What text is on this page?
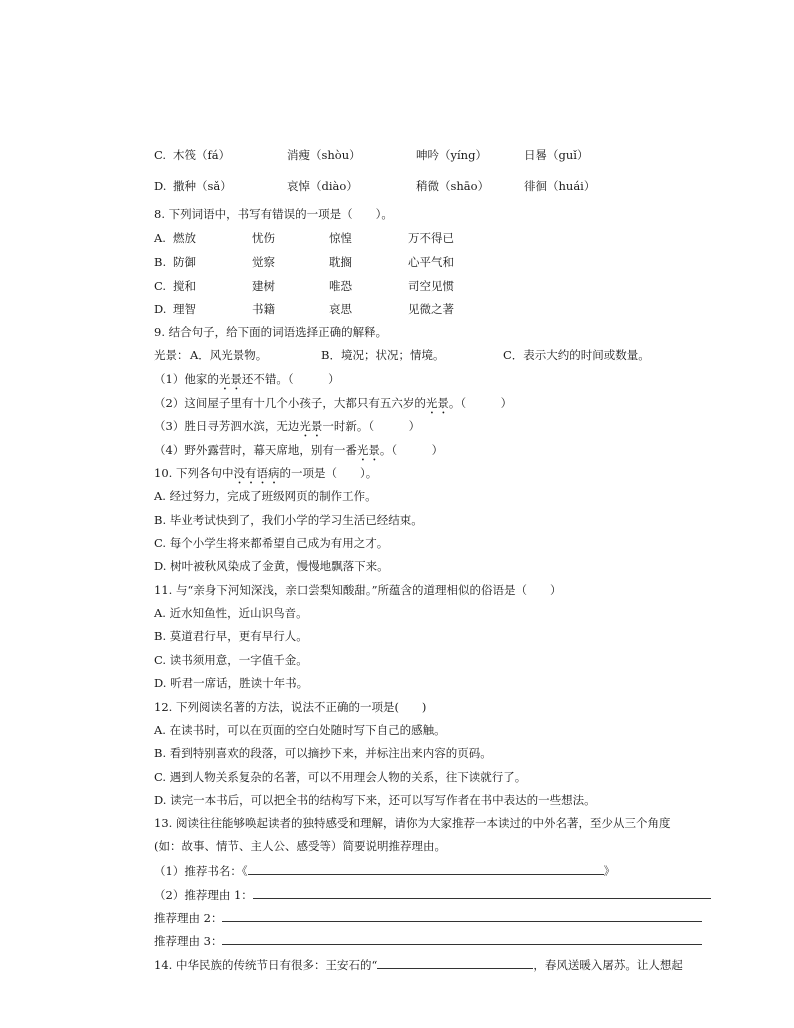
C. 木筏（fá）	消瘦（shòu）	呻吟（yíng）	日晷（guǐ）
D. 撒种（sǎ）	哀悼（diào）	稍微（shāo）	徘徊（huái）
8. 下列词语中，书写有错误的一项是（　　）。
A. 燃放	忧伤	惊惶	万不得已
B. 防御	觉察	耽搁	心平气和
C. 搅和	建树	唯恐	司空见惯
D. 理智	书籍	哀思	见微之著
9. 结合句子，给下面的词语选择正确的解释。
光景： A．风光景物。	B．境况；状况；情境。	C．表示大约的时间或数量。
（1）他家的光景还不错。（　　　）
（2）这间屋子里有十几个小孩子，大都只有五六岁的光景。（　　　）
（3）胜日寻芳泗水滨，无边光景一时新。（　　　）
（4）野外露营时，幕天席地，别有一番光景。（　　　）
10. 下列各句中没有语病的一项是（　　）。
A. 经过努力，完成了班级网页的制作工作。
B. 毕业考试快到了，我们小学的学习生活已经结束。
C. 每个小学生将来都希望自己成为有用之才。
D. 树叶被秋风染成了金黄，慢慢地飘落下来。
11. 与“亲身下河知深浅，亲口尝梨知酸甜。”所蕴含的道理相似的俗语是（　　）
A. 近水知鱼性，近山识鸟音。
B. 莫道君行早，更有早行人。
C. 读书须用意，一字值千金。
D. 听君一席话，胜读十年书。
12. 下列阅读名著的方法，说法不正确的一项是(　　)
A. 在读书时，可以在页面的空白处随时写下自己的感触。
B. 看到特别喜欢的段落，可以摘抄下来，并标注出来内容的页码。
C. 遇到人物关系复杂的名著，可以不用理会人物的关系，往下读就行了。
D. 读完一本书后，可以把全书的结构写下来，还可以写写作者在书中表达的一些想法。
13. 阅读往往能够唤起读者的独特感受和理解，请你为大家推荐一本读过的中外名著，至少从三个角度
(如：故事、情节、主人公、感受等）简要说明推荐理由。
（1）推荐书名：《	》
（2）推荐理由 1：
推荐理由 2：
推荐理由 3：
14. 中华民族的传统节日有很多：王安石的“	，春风送暖入屠苏。让人想起
